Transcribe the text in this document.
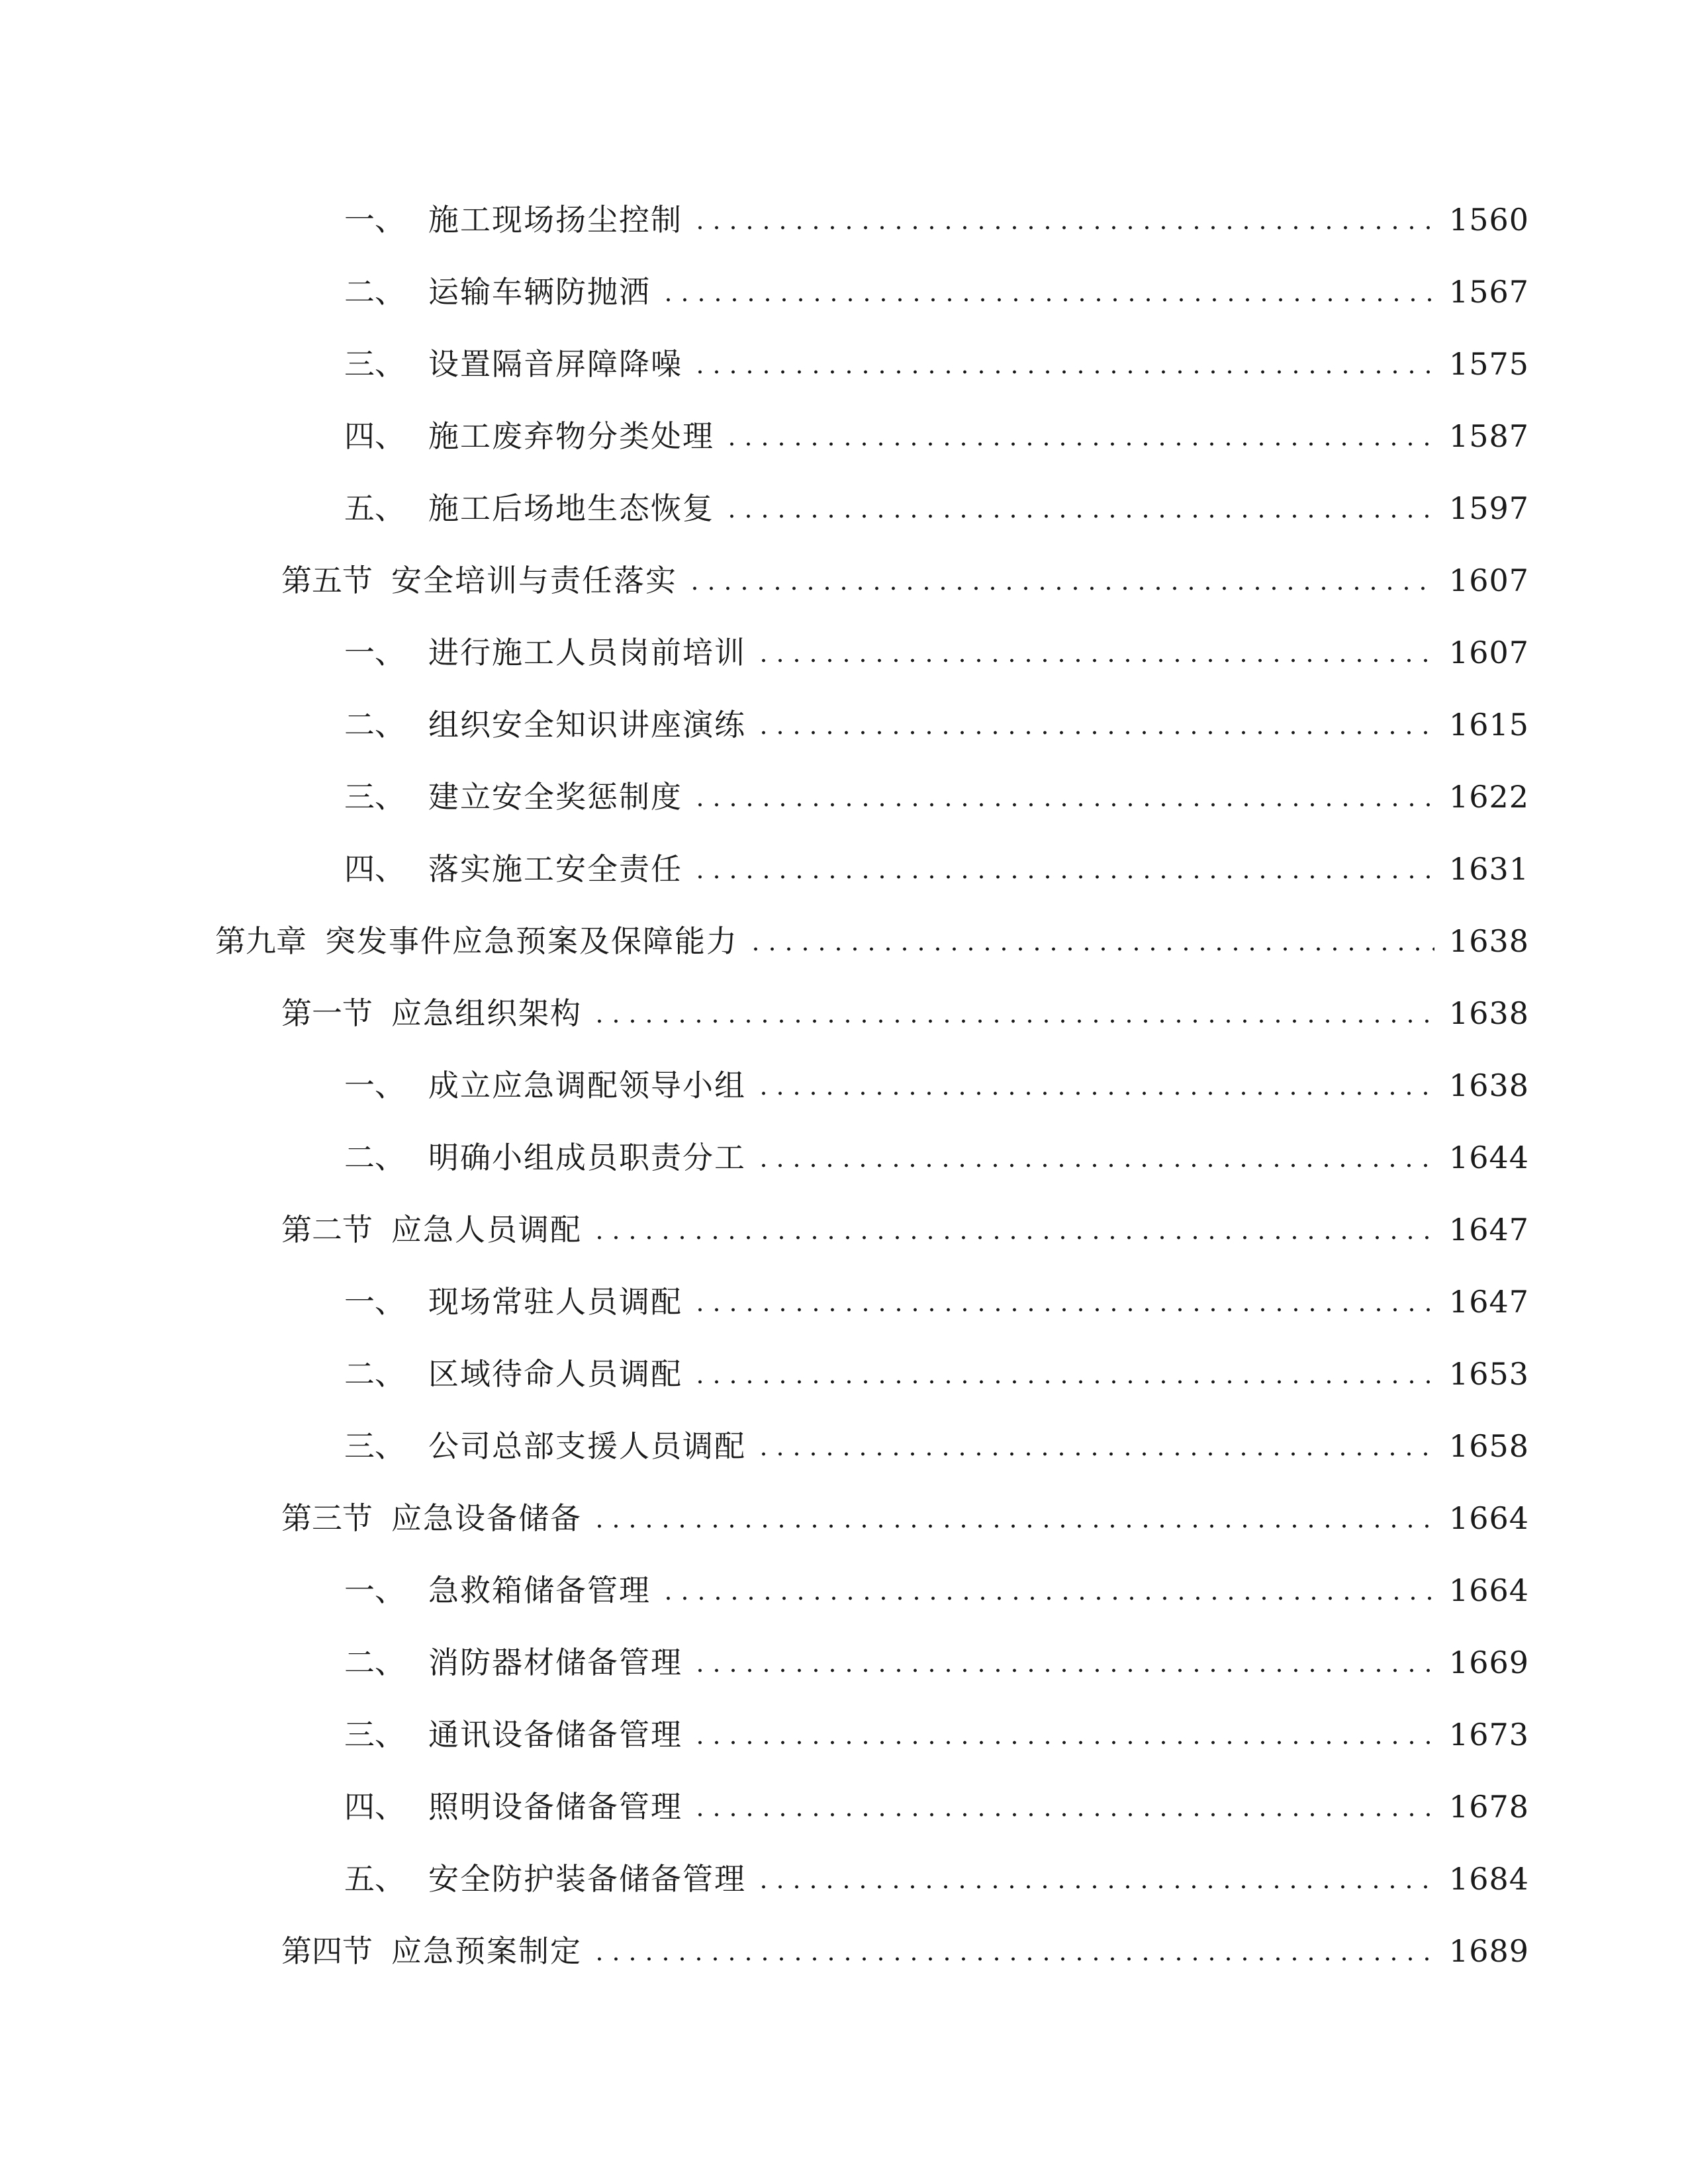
一、 施工现场扬尘控制	1560
二、 运输车辆防抛洒	1567
三、 设置隔音屏障降噪	1575
四、 施工废弃物分类处理	1587
五、 施工后场地生态恢复	1597
第五节 安全培训与责任落实	1607
一、 进行施工人员岗前培训	1607
二、 组织安全知识讲座演练	1615
三、 建立安全奖惩制度	1622
四、 落实施工安全责任	1631
第九章 突发事件应急预案及保障能力	1638
第一节 应急组织架构	1638
一、 成立应急调配领导小组	1638
二、 明确小组成员职责分工	1644
第二节 应急人员调配	1647
一、 现场常驻人员调配	1647
二、 区域待命人员调配	1653
三、 公司总部支援人员调配	1658
第三节 应急设备储备	1664
一、 急救箱储备管理	1664
二、 消防器材储备管理	1669
三、 通讯设备储备管理	1673
四、 照明设备储备管理	1678
五、 安全防护装备储备管理	1684
第四节 应急预案制定	1689
